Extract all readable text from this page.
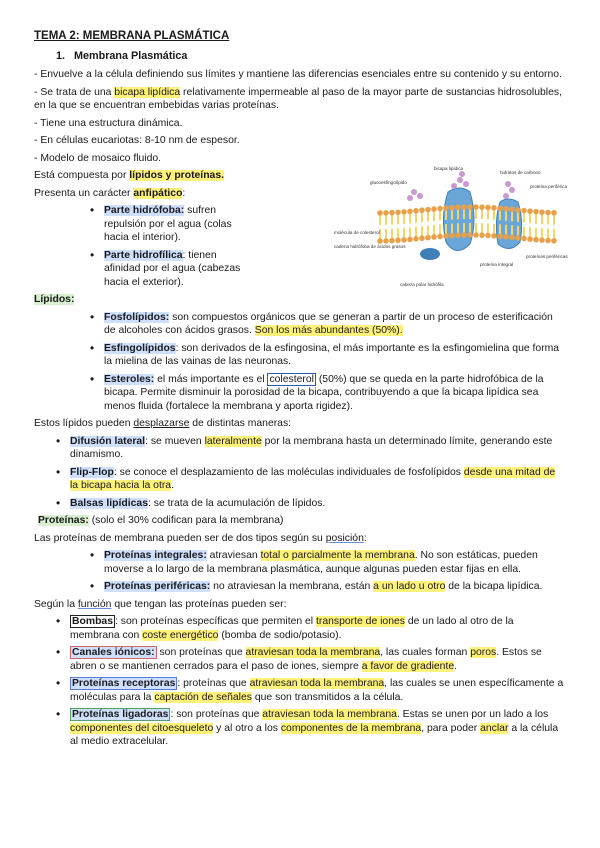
TEMA 2: MEMBRANA PLASMÁTICA

1. Membrana Plasmática

- Envuelve a la célula definiendo sus límites y mantiene las diferencias esenciales entre su contenido y su entorno.

- Se trata de una bicapa lipídica relativamente impermeable al paso de la mayor parte de sustancias hidrosolubles, en la que se encuentran embebidas varias proteínas.

- Tiene una estructura dinámica.

- En células eucariotas: 8-10 nm de espesor.

- Modelo de mosaico fluido.

Está compuesta por lípidos y proteínas.

Presenta un carácter anfipático:

• Parte hidrófoba: sufren repulsión por el agua (colas hacia el interior).
• Parte hidrofílica: tienen afinidad por el agua (cabezas hacia el exterior).

Lípidos:

• Fosfolípidos: son compuestos orgánicos que se generan a partir de un proceso de esterificación de alcoholes con ácidos grasos. Son los más abundantes (50%).
• Esfingolípidos: son derivados de la esfingosina, el más importante es la esfingomielina que forma la mielina de las vainas de las neuronas.
• Esteroles: el más importante es el colesterol (50%) que se queda en la parte hidrofóbica de la bicapa. Permite disminuir la porosidad de la bicapa, contribuyendo a que la bicapa lipídica sea menos fluida (fortalece la membrana y aporta rigidez).

Estos lípidos pueden desplazarse de distintas maneras:

• Difusión lateral: se mueven lateralmente por la membrana hasta un determinado límite, generando este dinamismo.
• Flip-Flop: se conoce el desplazamiento de las moléculas individuales de fosfolípidos desde una mitad de la bicapa hacia la otra.
• Balsas lipídicas: se trata de la acumulación de lípidos.

Proteínas: (solo el 30% codifican para la membrana)

Las proteínas de membrana pueden ser de dos tipos según su posición:

• Proteínas integrales: atraviesan total o parcialmente la membrana. No son estáticas, pueden moverse a lo largo de la membrana plasmática, aunque algunas pueden estar fijas en ella.
• Proteínas periféricas: no atraviesan la membrana, están a un lado u otro de la bicapa lipídica.

Según la función que tengan las proteínas pueden ser:

• Bombas : son proteínas específicas que permiten el transporte de iones de un lado al otro de la membrana con coste energético (bomba de sodio/potasio).
• Canales iónicos: son proteínas que atraviesan toda la membrana, las cuales forman poros. Estos se abren o se mantienen cerrados para el paso de iones, siempre a favor de gradiente.
• Proteínas receptoras : proteínas que atraviesan toda la membrana, las cuales se unen específicamente a moléculas para la captación de señales que son transmitidos a la célula.
• Proteínas ligadoras : son proteínas que atraviesan toda la membrana. Estas se unen por un lado a los componentes del citoesqueleto y al otro a los componentes de la membrana, para poder anclar a la célula al medio extracelular.
bicapa lipídica
glucoesfingolípido
hidratos de carbono
proteína periférica
molécula de colesterol
cadena hidrófoba de ácidos grasos
proteína integral
proteínas periféricas
cabeza polar hidrófila
